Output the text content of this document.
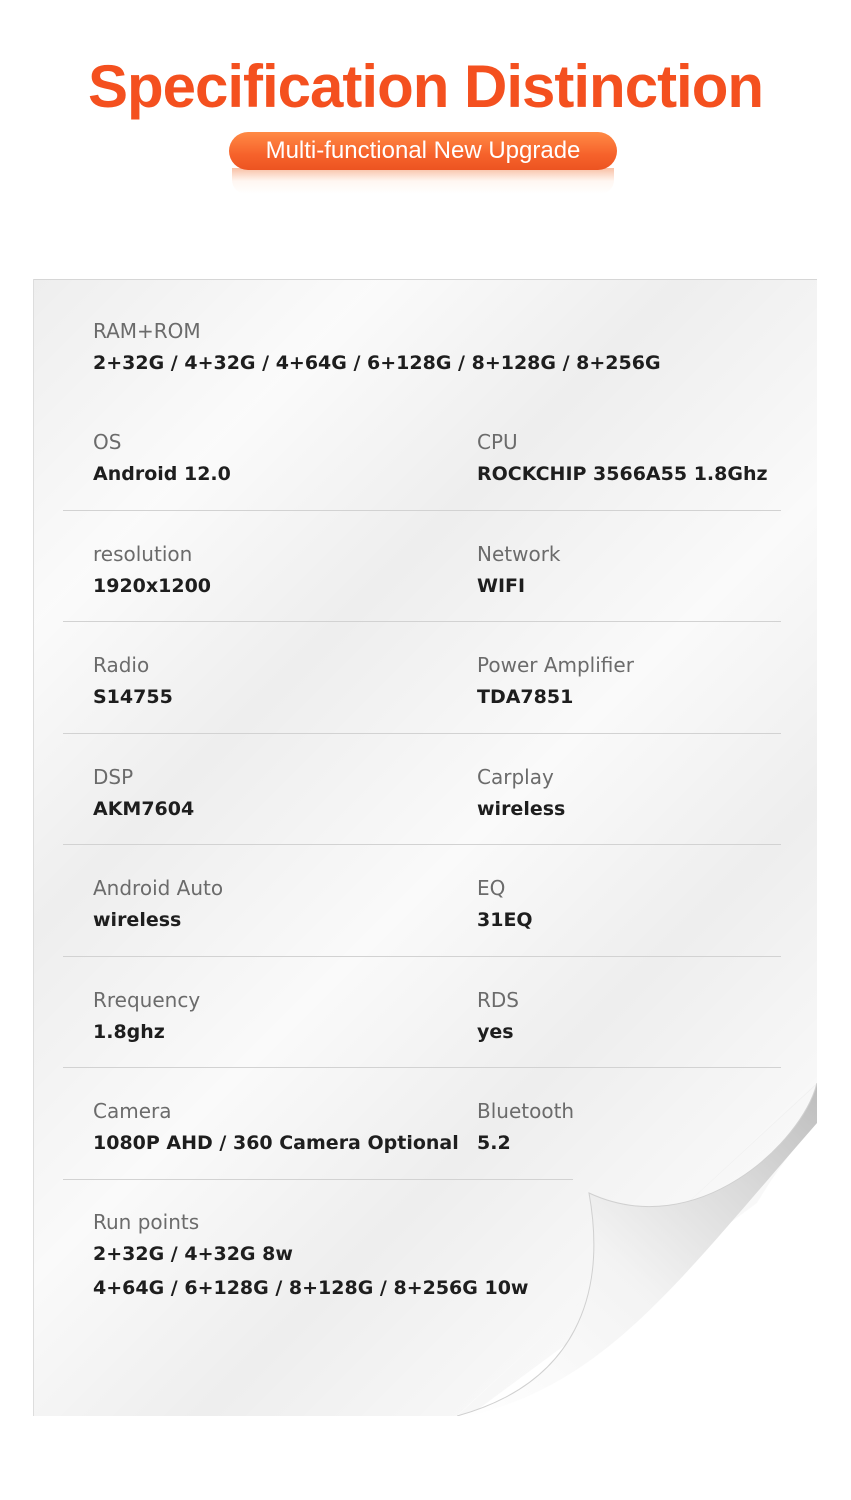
Specification Distinction
Multi-functional New Upgrade
RAM+ROM
2+32G / 4+32G / 4+64G / 6+128G / 8+128G / 8+256G
OS
Android 12.0
CPU
ROCKCHIP 3566A55 1.8Ghz
resolution
1920x1200
Network
WIFI
Radio
S14755
Power Amplifier
TDA7851
DSP
AKM7604
Carplay
wireless
Android Auto
wireless
EQ
31EQ
Rrequency
1.8ghz
RDS
yes
Camera
1080P AHD / 360 Camera Optional
Bluetooth
5.2
Run points
2+32G / 4+32G 8w
4+64G / 6+128G / 8+128G / 8+256G 10w
